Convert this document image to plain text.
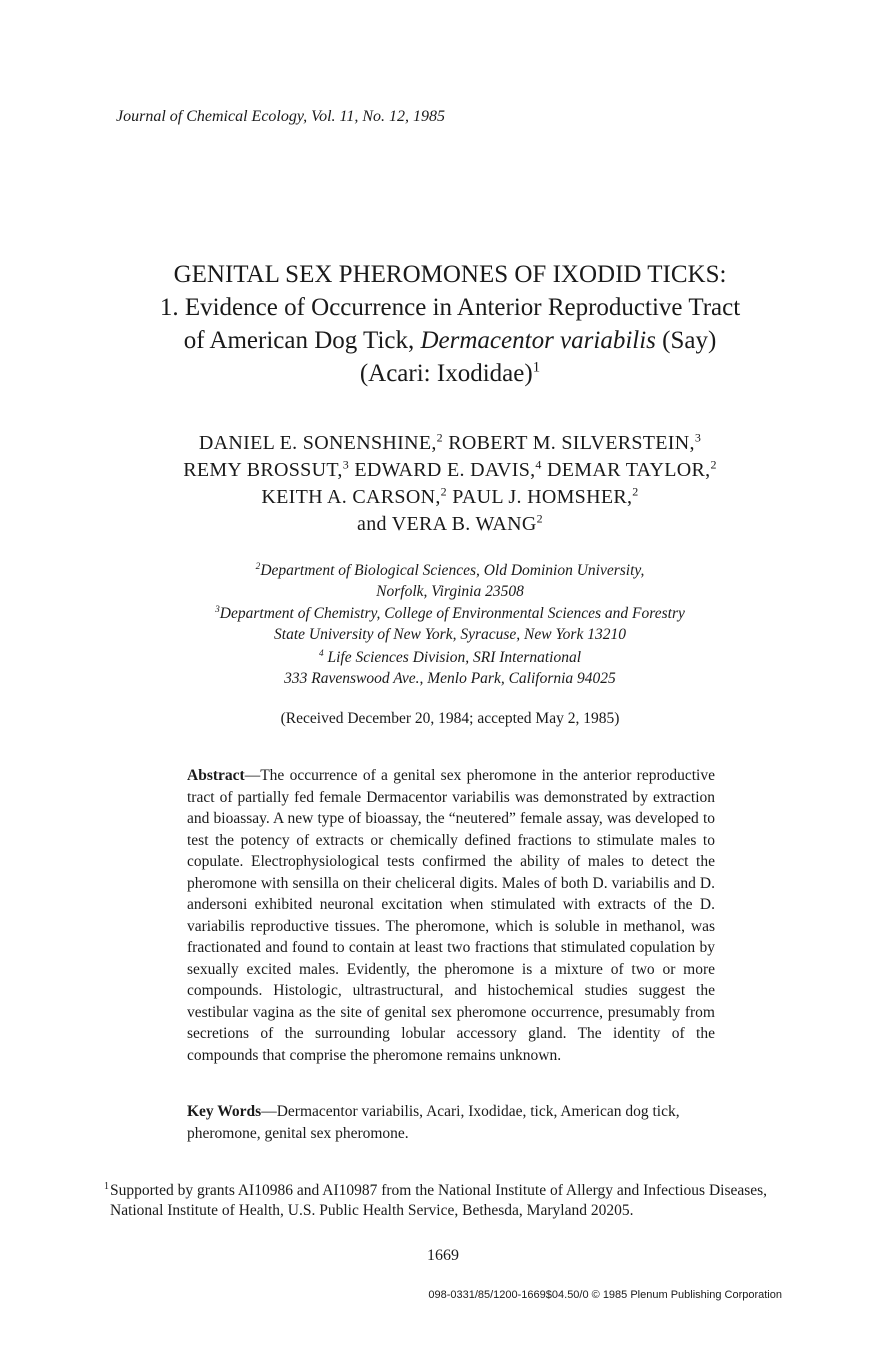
Journal of Chemical Ecology, Vol. 11, No. 12, 1985
GENITAL SEX PHEROMONES OF IXODID TICKS:
1. Evidence of Occurrence in Anterior Reproductive Tract
of American Dog Tick, Dermacentor variabilis (Say)
(Acari: Ixodidae)$^1$
DANIEL E. SONENSHINE,$^2$ ROBERT M. SILVERSTEIN,$^3$
REMY BROSSUT,$^3$ EDWARD E. DAVIS,$^4$ DEMAR TAYLOR,$^2$
KEITH A. CARSON,$^2$ PAUL J. HOMSHER,$^2$
and VERA B. WANG$^2$
$^2$Department of Biological Sciences, Old Dominion University,
Norfolk, Virginia 23508
$^3$Department of Chemistry, College of Environmental Sciences and Forestry
State University of New York, Syracuse, New York 13210
$^4$ Life Sciences Division, SRI International
333 Ravenswood Ave., Menlo Park, California 94025
(Received December 20, 1984; accepted May 2, 1985)
Abstract—The occurrence of a genital sex pheromone in the anterior reproductive tract of partially fed female Dermacentor variabilis was demonstrated by extraction and bioassay. A new type of bioassay, the “neutered” female assay, was developed to test the potency of extracts or chemically defined fractions to stimulate males to copulate. Electrophysiological tests confirmed the ability of males to detect the pheromone with sensilla on their cheliceral digits. Males of both D. variabilis and D. andersoni exhibited neuronal excitation when stimulated with extracts of the D. variabilis reproductive tissues. The pheromone, which is soluble in methanol, was fractionated and found to contain at least two fractions that stimulated copulation by sexually excited males. Evidently, the pheromone is a mixture of two or more compounds. Histologic, ultrastructural, and histochemical studies suggest the vestibular vagina as the site of genital sex pheromone occurrence, presumably from secretions of the surrounding lobular accessory gland. The identity of the compounds that comprise the pheromone remains unknown.
Key Words—Dermacentor variabilis, Acari, Ixodidae, tick, American dog tick, pheromone, genital sex pheromone.
1 Supported by grants AI10986 and AI10987 from the National Institute of Allergy and Infectious Diseases, National Institute of Health, U.S. Public Health Service, Bethesda, Maryland 20205.
1669
098-0331/85/1200-1669$04.50/0 © 1985 Plenum Publishing Corporation
